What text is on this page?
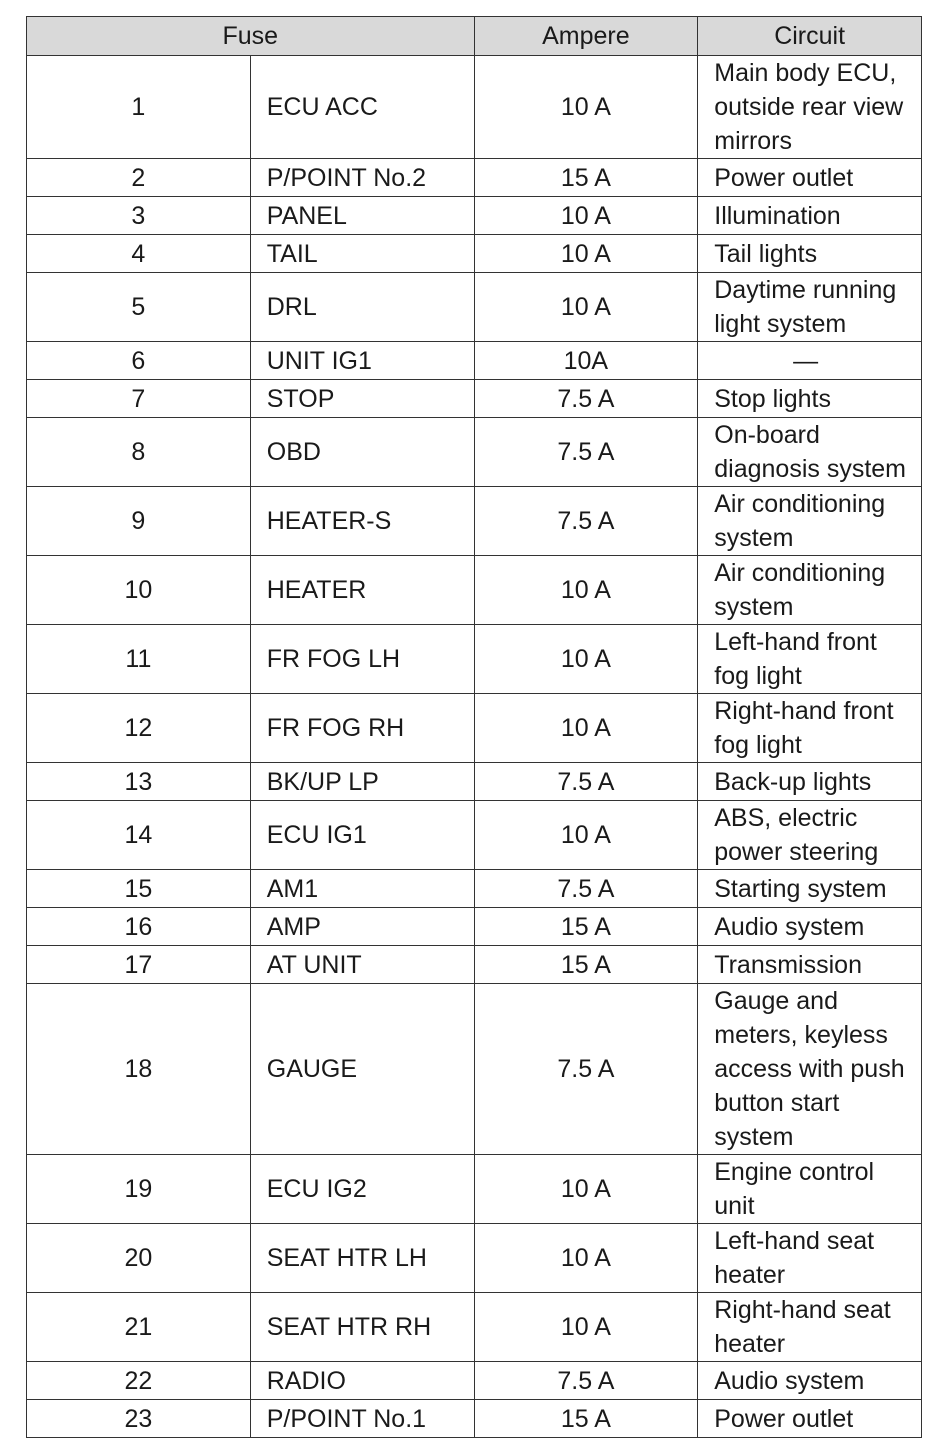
Fuse		Ampere	Circuit
1	ECU ACC	10 A	Main body ECU, outside rear view mirrors
2	P/POINT No.2	15 A	Power outlet
3	PANEL	10 A	Illumination
4	TAIL	10 A	Tail lights
5	DRL	10 A	Daytime running light system
6	UNIT IG1	10A	—
7	STOP	7.5 A	Stop lights
8	OBD	7.5 A	On-board diagnosis system
9	HEATER-S	7.5 A	Air conditioning system
10	HEATER	10 A	Air conditioning system
11	FR FOG LH	10 A	Left-hand front fog light
12	FR FOG RH	10 A	Right-hand front fog light
13	BK/UP LP	7.5 A	Back-up lights
14	ECU IG1	10 A	ABS, electric power steering
15	AM1	7.5 A	Starting system
16	AMP	15 A	Audio system
17	AT UNIT	15 A	Transmission
18	GAUGE	7.5 A	Gauge and meters, keyless access with push button start system
19	ECU IG2	10 A	Engine control unit
20	SEAT HTR LH	10 A	Left-hand seat heater
21	SEAT HTR RH	10 A	Right-hand seat heater
22	RADIO	7.5 A	Audio system
23	P/POINT No.1	15 A	Power outlet
